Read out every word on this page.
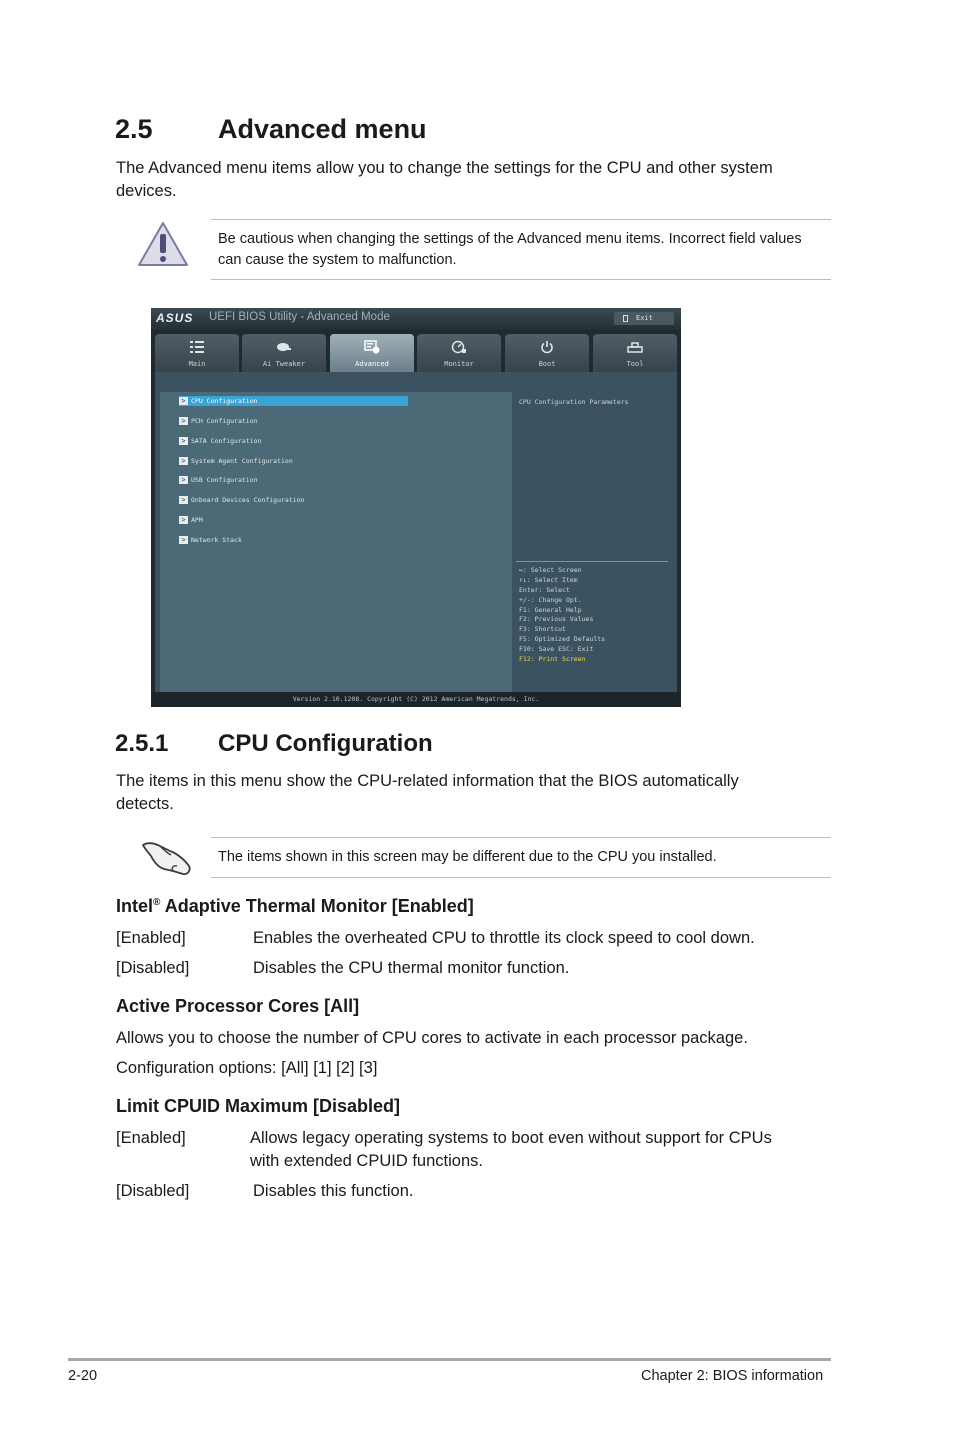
2.5 Advanced menu

The Advanced menu items allow you to change the settings for the CPU and other system
devices.

Be cautious when changing the settings of the Advanced menu items. Incorrect field values
can cause the system to malfunction.
ASUS UEFI BIOS Utility - Advanced Mode	Exit
Main	Ai Tweaker	Advanced	Monitor	Boot	Tool
> CPU Configuration
> PCH Configuration
> SATA Configuration
> System Agent Configuration
> USB Configuration
> Onboard Devices Configuration
> APM
> Network Stack
CPU Configuration Parameters
↔: Select Screen
↑↓: Select Item
Enter: Select
+/-: Change Opt.
F1: General Help
F2: Previous Values
F3: Shortcut
F5: Optimized Defaults
F10: Save ESC: Exit
F12: Print Screen
Version 2.10.1208. Copyright (C) 2012 American Megatrends, Inc.
2.5.1 CPU Configuration

The items in this menu show the CPU-related information that the BIOS automatically
detects.

The items shown in this screen may be different due to the CPU you installed.
Intel® Adaptive Thermal Monitor [Enabled]
[Enabled]	Enables the overheated CPU to throttle its clock speed to cool down.
[Disabled]	Disables the CPU thermal monitor function.
Active Processor Cores [All]
Allows you to choose the number of CPU cores to activate in each processor package.
Configuration options: [All] [1] [2] [3]
Limit CPUID Maximum [Disabled]
[Enabled]	Allows legacy operating systems to boot even without support for CPUs
with extended CPUID functions.
[Disabled]	Disables this function.
2-20	Chapter 2: BIOS information
